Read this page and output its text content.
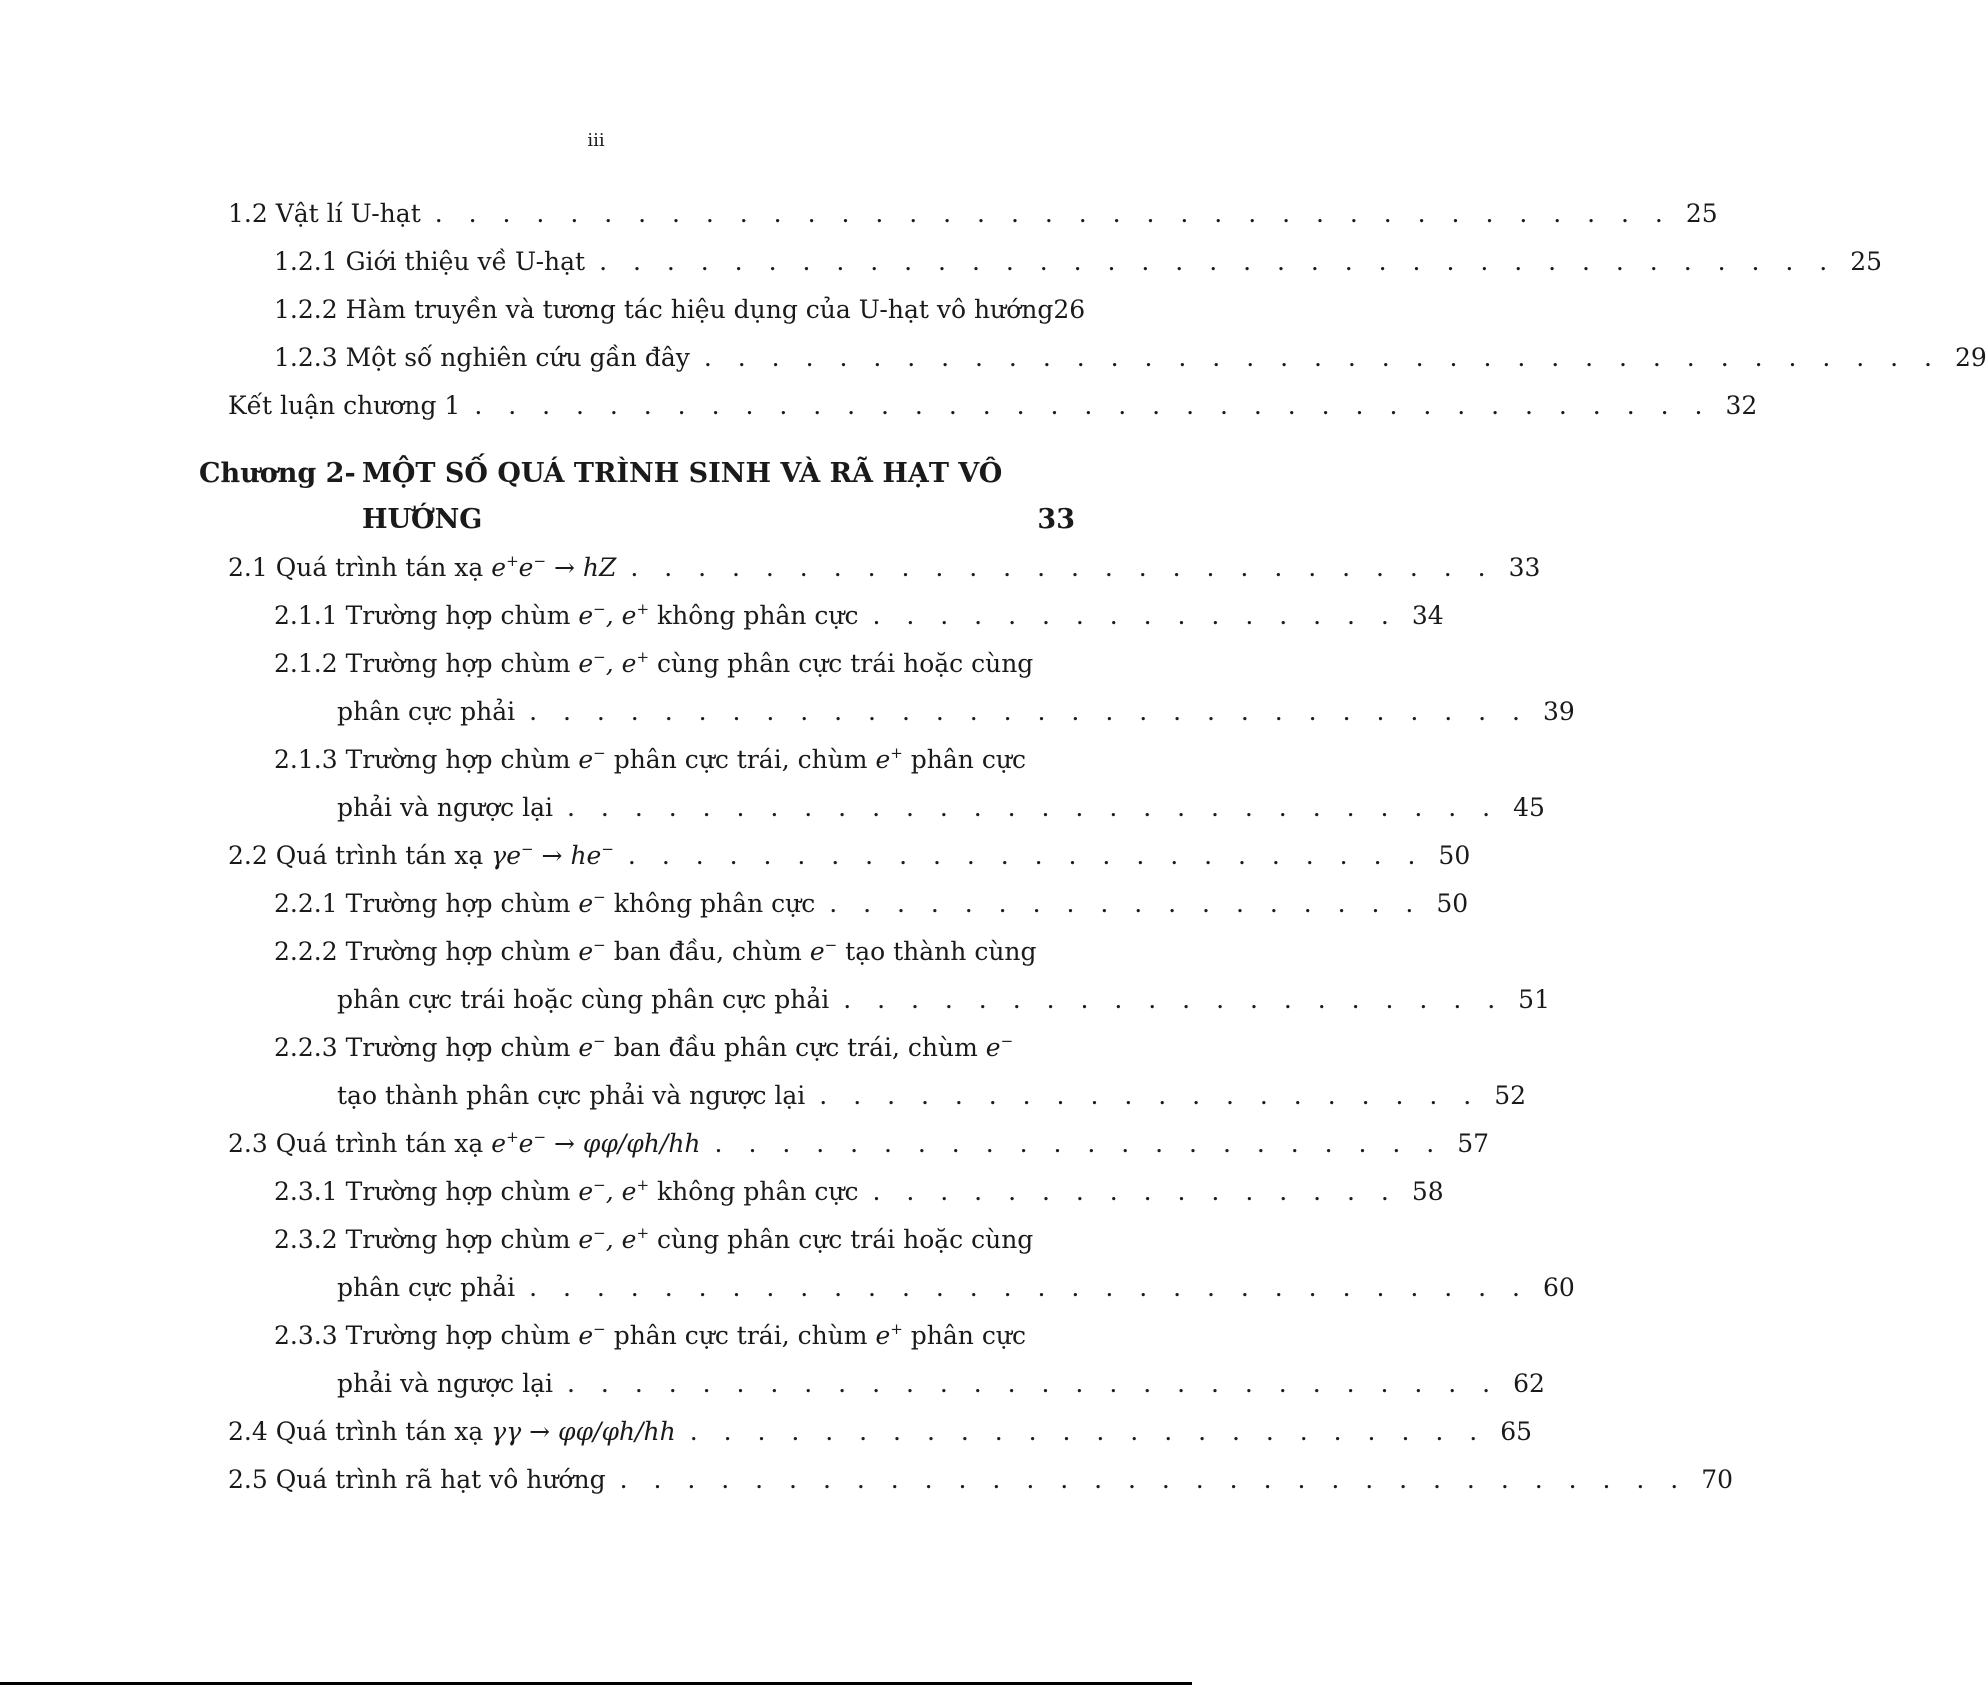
iii
1.2
Vật lí U-hạt . . . . . . . . . . . . . . . . . . . . . . . . . . . . . . . . . . . . . 25
1.2.1
Giới thiệu về U-hạt . . . . . . . . . . . . . . . . . . . . . . . . . . . . . . . . . . . . . 25
1.2.2
Hàm truyền và tương tác hiệu dụng của U-hạt vô hướng 26
1.2.3
Một số nghiên cứu gần đây . . . . . . . . . . . . . . . . . . . . . . . . . . . . . . . . . . . . . 29
Kết luận chương 1 . . . . . . . . . . . . . . . . . . . . . . . . . . . . . . . . . . . . . 32
Chương 2- MỘT SỐ QUÁ TRÌNH SINH VÀ RÃ HẠT VÔ
HƯỚNG	33
2.1
Quá trình tán xạ
e+e− → hZ . . . . . . . . . . . . . . . . . . . . . . . . . . 33
2.1.1
Trường hợp chùm
e−, e+
không phân cực . . . . . . . . . . . . . . . . 34
2.1.2
Trường hợp chùm
e−, e+
cùng phân cực trái hoặc cùng
phân cực phải . . . . . . . . . . . . . . . . . . . . . . . . . . . . . . 39
2.1.3
Trường hợp chùm
e−
phân cực trái, chùm
e+
phân cực
phải và ngược lại . . . . . . . . . . . . . . . . . . . . . . . . . . . . 45
2.2
Quá trình tán xạ
γe− → he− . . . . . . . . . . . . . . . . . . . . . . . . 50
2.2.1
Trường hợp chùm
e−
không phân cực . . . . . . . . . . . . . . . . . . 50
2.2.2
Trường hợp chùm
e−
ban đầu, chùm
e−
tạo thành cùng
phân cực trái hoặc cùng phân cực phải . . . . . . . . . . . . . . . . . . . . 51
2.2.3
Trường hợp chùm
e−
ban đầu phân cực trái, chùm
e−
tạo thành phân cực phải và ngược lại . . . . . . . . . . . . . . . . . . . . 52
2.3
Quá trình tán xạ
e+e− → φφ/φh/hh . . . . . . . . . . . . . . . . . . . . . . 57
2.3.1
Trường hợp chùm
e−, e+
không phân cực . . . . . . . . . . . . . . . . 58
2.3.2
Trường hợp chùm
e−, e+
cùng phân cực trái hoặc cùng
phân cực phải . . . . . . . . . . . . . . . . . . . . . . . . . . . . . . 60
2.3.3
Trường hợp chùm
e−
phân cực trái, chùm
e+
phân cực
phải và ngược lại . . . . . . . . . . . . . . . . . . . . . . . . . . . . 62
2.4
Quá trình tán xạ
γγ → φφ/φh/hh . . . . . . . . . . . . . . . . . . . . . . . . 65
2.5
Quá trình rã hạt vô hướng . . . . . . . . . . . . . . . . . . . . . . . . . . . . . . . . 70
